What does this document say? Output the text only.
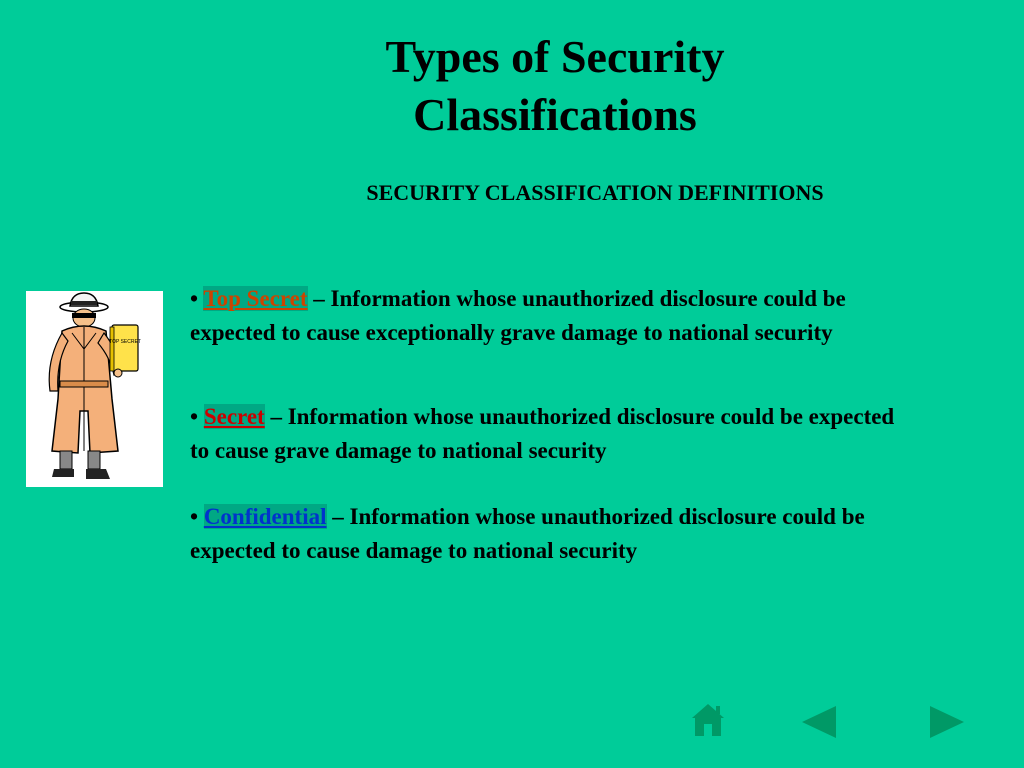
Types of Security
Classifications
SECURITY CLASSIFICATION DEFINITIONS
TOP SECRET
• Top Secret – Information whose unauthorized disclosure could be expected to cause exceptionally grave damage to national security
• Secret – Information whose unauthorized disclosure could be expected to cause grave damage to national security
• Confidential – Information whose unauthorized disclosure could be expected to cause damage to national security
